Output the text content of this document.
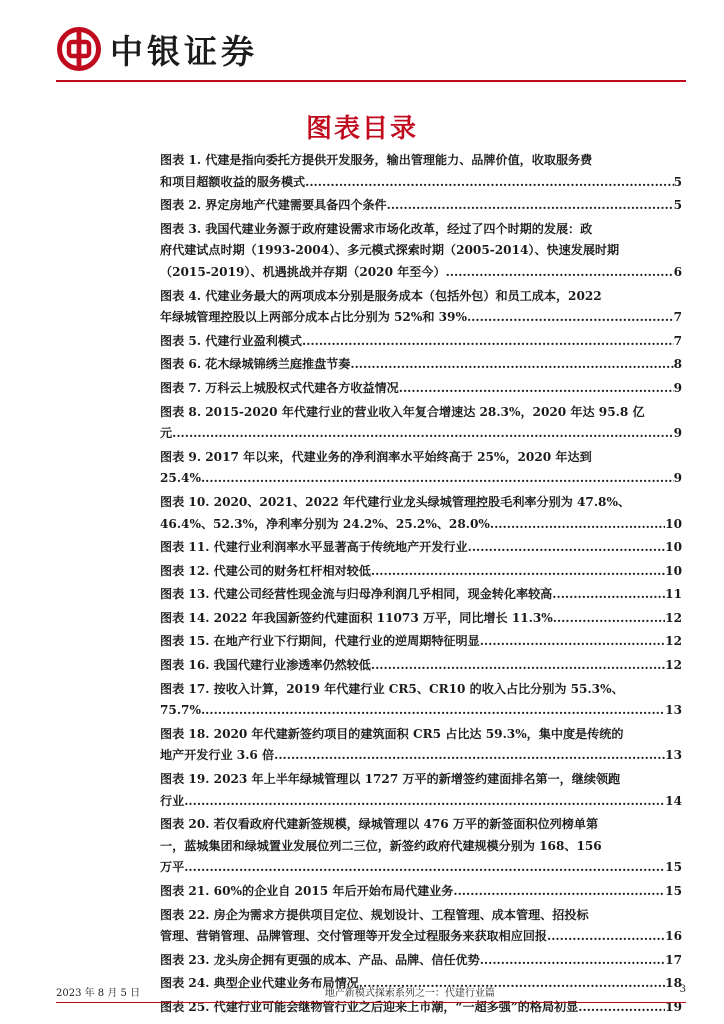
中银证券
图表目录
图表 1. 代建是指向委托方提供开发服务，输出管理能力、品牌价值，收取服务费
和项目超额收益的服务模式 .....	5
图表 2. 界定房地产代建需要具备四个条件 .....	5
图表 3. 我国代建业务源于政府建设需求市场化改革，经过了四个时期的发展：政
府代建试点时期（1993-2004）、多元模式探索时期（2005-2014）、快速发展时期
（2015-2019）、机遇挑战并存期（2020 年至今） .....	6
图表 4. 代建业务最大的两项成本分别是服务成本（包括外包）和员工成本，2022
年绿城管理控股以上两部分成本占比分别为 52%和 39% .....	7
图表 5. 代建行业盈利模式 .....	7
图表 6. 花木绿城锦绣兰庭推盘节奏 .....	8
图表 7. 万科云上城股权式代建各方收益情况 .....	9
图表 8. 2015-2020 年代建行业的营业收入年复合增速达 28.3%，2020 年达 95.8 亿
元 .....	9
图表 9. 2017 年以来，代建业务的净利润率水平始终高于 25%，2020 年达到
25.4% .....	9
图表 10. 2020、2021、2022 年代建行业龙头绿城管理控股毛利率分别为 47.8%、
46.4%、52.3%，净利率分别为 24.2%、25.2%、28.0% .....	10
图表 11. 代建行业利润率水平显著高于传统地产开发行业 .....	10
图表 12. 代建公司的财务杠杆相对较低 .....	10
图表 13. 代建公司经营性现金流与归母净利润几乎相同，现金转化率较高 .....	11
图表 14. 2022 年我国新签约代建面积 11073 万平，同比增长 11.3% .....	12
图表 15. 在地产行业下行期间，代建行业的逆周期特征明显 .....	12
图表 16. 我国代建行业渗透率仍然较低 .....	12
图表 17. 按收入计算，2019 年代建行业 CR5、CR10 的收入占比分别为 55.3%、
75.7% .....	13
图表 18. 2020 年代建新签约项目的建筑面积 CR5 占比达 59.3%，集中度是传统的
地产开发行业 3.6 倍 .....	13
图表 19. 2023 年上半年绿城管理以 1727 万平的新增签约建面排名第一，继续领跑
行业 .....	14
图表 20. 若仅看政府代建新签规模，绿城管理以 476 万平的新签面积位列榜单第
一，蓝城集团和绿城置业发展位列二三位，新签约政府代建规模分别为 168、156
万平 .....	15
图表 21. 60%的企业自 2015 年后开始布局代建业务 .....	15
图表 22. 房企为需求方提供项目定位、规划设计、工程管理、成本管理、招投标
管理、营销管理、品牌管理、交付管理等开发全过程服务来获取相应回报 .....	16
图表 23. 龙头房企拥有更强的成本、产品、品牌、信任优势 .....	17
图表 24. 典型企业代建业务布局情况 .....	18
图表 25. 代建行业可能会继物管行业之后迎来上市潮，“一超多强”的格局初显 .....	19
2023 年 8 月 5 日	地产新模式探索系列之一：代建行业篇	3
